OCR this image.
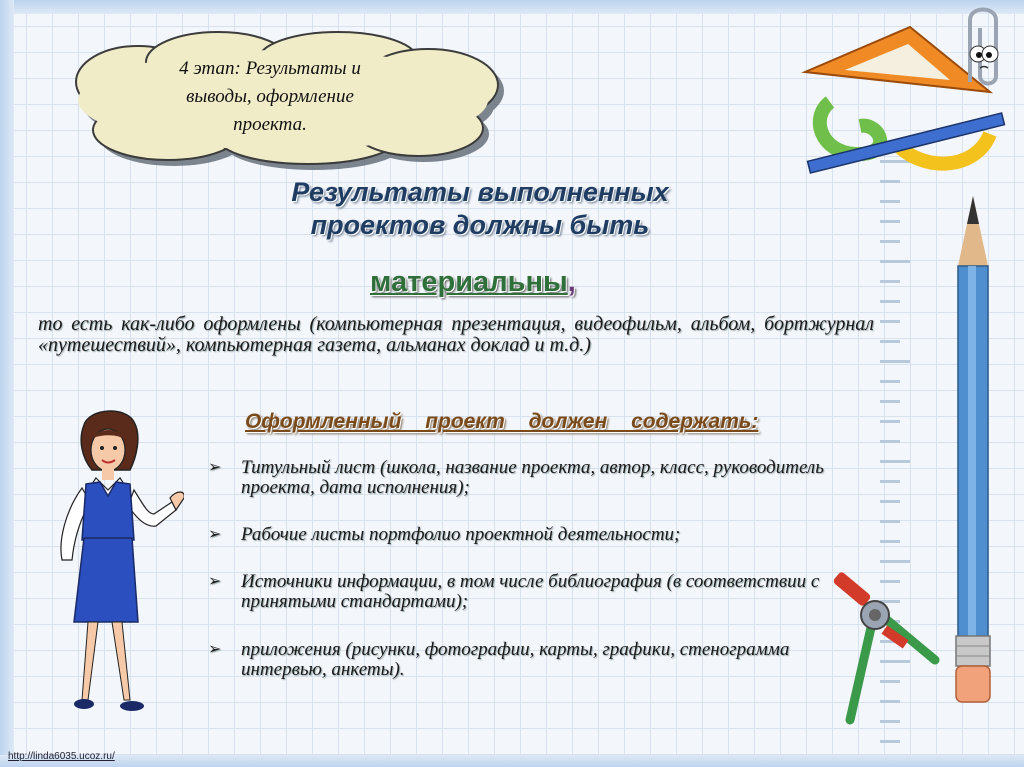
4 этап: Результаты и выводы, оформление проекта.
Результаты выполненных
проектов должны быть
материальны,
то есть как-либо оформлены (компьютерная презентация, видеофильм, альбом, бортжурнал «путешествий», компьютерная газета, альманах доклад и т.д.)
Оформленный проект должен содержать:
➢ Титульный лист (школа, название проекта, автор, класс, руководитель проекта, дата исполнения);
➢ Рабочие листы портфолио проектной деятельности;
➢ Источники информации, в том числе библиография (в соответствии с принятыми стандартами);
➢ приложения (рисунки, фотографии, карты, графики, стенограмма интервью, анкеты).
http://linda6035.ucoz.ru/
